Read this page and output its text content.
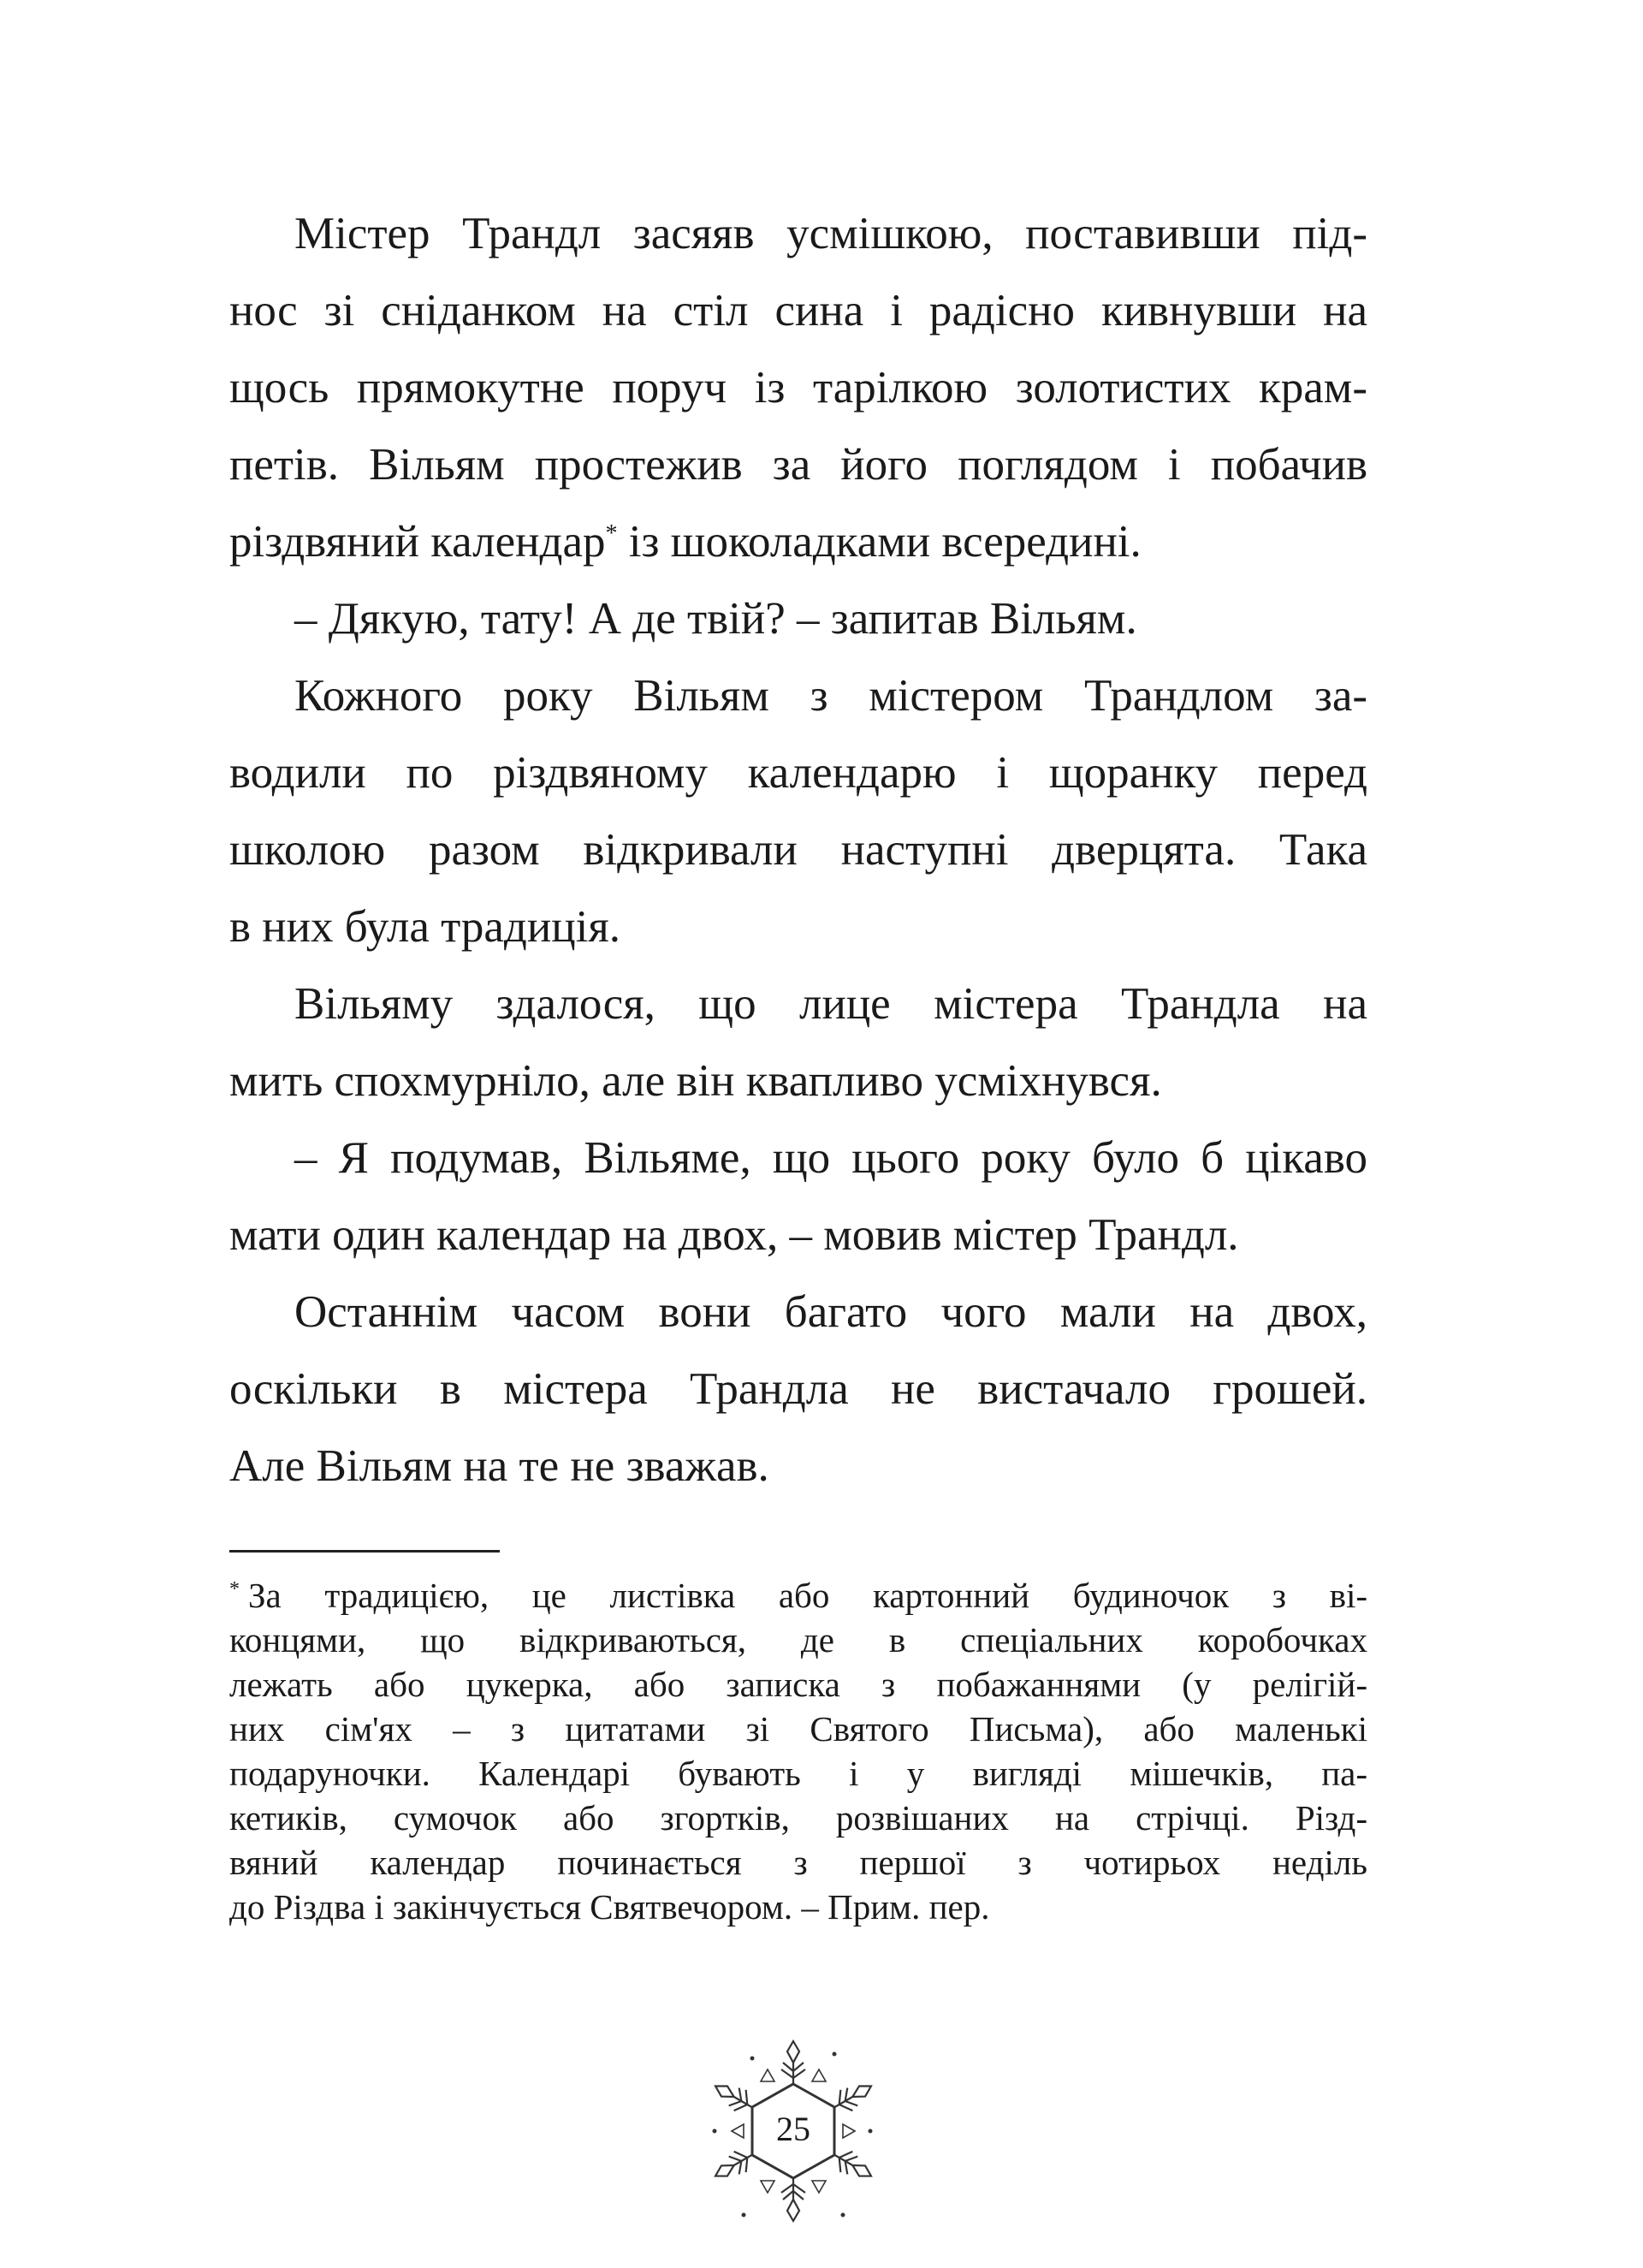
Містер Трандл засяяв усмішкою, поставивши під-
нос зі сніданком на стіл сина і радісно кивнувши на
щось прямокутне поруч із тарілкою золотистих крам-
петів. Вільям простежив за його поглядом і побачив
різдвяний календар* із шоколадками всередині.
– Дякую, тату! А де твій? – запитав Вільям.
Кожного року Вільям з містером Трандлом за-
водили по різдвяному календарю і щоранку перед
школою разом відкривали наступні дверцята. Така
в них була традиція.
Вільяму здалося, що лице містера Трандла на
мить спохмурніло, але він квапливо усміхнувся.
– Я подумав, Вільяме, що цього року було б цікаво
мати один календар на двох, – мовив містер Трандл.
Останнім часом вони багато чого мали на двох,
оскільки в містера Трандла не вистачало грошей.
Але Вільям на те не зважав.
* За традицією, це листівка або картонний будиночок з ві-
концями, що відкриваються, де в спеціальних коробочках
лежать або цукерка, або записка з побажаннями (у релігій-
них сім'ях – з цитатами зі Святого Письма), або маленькі
подаруночки. Календарі бувають і у вигляді мішечків, па-
кетиків, сумочок або згортків, розвішаних на стрічці. Різд-
вяний календар починається з першої з чотирьох неділь
до Різдва і закінчується Святвечором. – Прим. пер.
25
